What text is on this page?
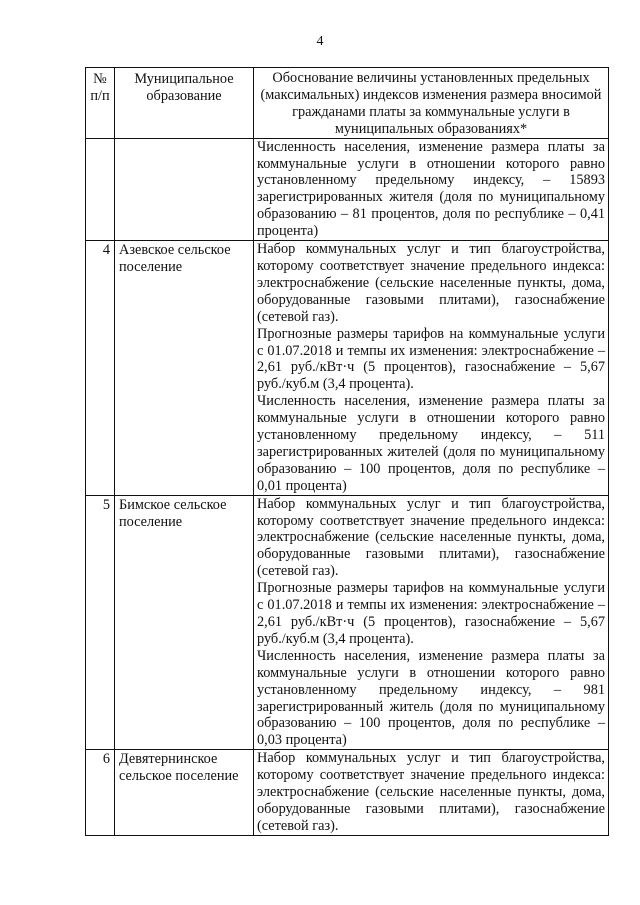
4
№ п/п	Муниципальное образование	Обоснование величины установленных предельных (максимальных) индексов изменения размера вносимой гражданами платы за коммунальные услуги в муниципальных образованиях*

		Численность населения, изменение размера платы за коммунальные услуги в отношении которого равно установленному предельному индексу, – 15893 зарегистрированных жителя (доля по муниципальному образованию – 81 процентов, доля по республике – 0,41 процента)

4	Азевское сельское поселение	Набор коммунальных услуг и тип благоустройства, которому соответствует значение предельного индекса: электроснабжение (сельские населенные пункты, дома, оборудованные газовыми плитами), газоснабжение (сетевой газ).
Прогнозные размеры тарифов на коммунальные услуги с 01.07.2018 и темпы их изменения: электроснабжение – 2,61 руб./кВт·ч (5 процентов), газоснабжение – 5,67 руб./куб.м (3,4 процента).
Численность населения, изменение размера платы за коммунальные услуги в отношении которого равно установленному предельному индексу, – 511 зарегистрированных жителей (доля по муниципальному образованию – 100 процентов, доля по республике – 0,01 процента)

5	Бимское сельское поселение	Набор коммунальных услуг и тип благоустройства, которому соответствует значение предельного индекса: электроснабжение (сельские населенные пункты, дома, оборудованные газовыми плитами), газоснабжение (сетевой газ).
Прогнозные размеры тарифов на коммунальные услуги с 01.07.2018 и темпы их изменения: электроснабжение – 2,61 руб./кВт·ч (5 процентов), газоснабжение – 5,67 руб./куб.м (3,4 процента).
Численность населения, изменение размера платы за коммунальные услуги в отношении которого равно установленному предельному индексу, – 981 зарегистрированный житель (доля по муниципальному образованию – 100 процентов, доля по республике – 0,03 процента)

6	Девятернинское сельское поселение	Набор коммунальных услуг и тип благоустройства, которому соответствует значение предельного индекса: электроснабжение (сельские населенные пункты, дома, оборудованные газовыми плитами), газоснабжение (сетевой газ).
